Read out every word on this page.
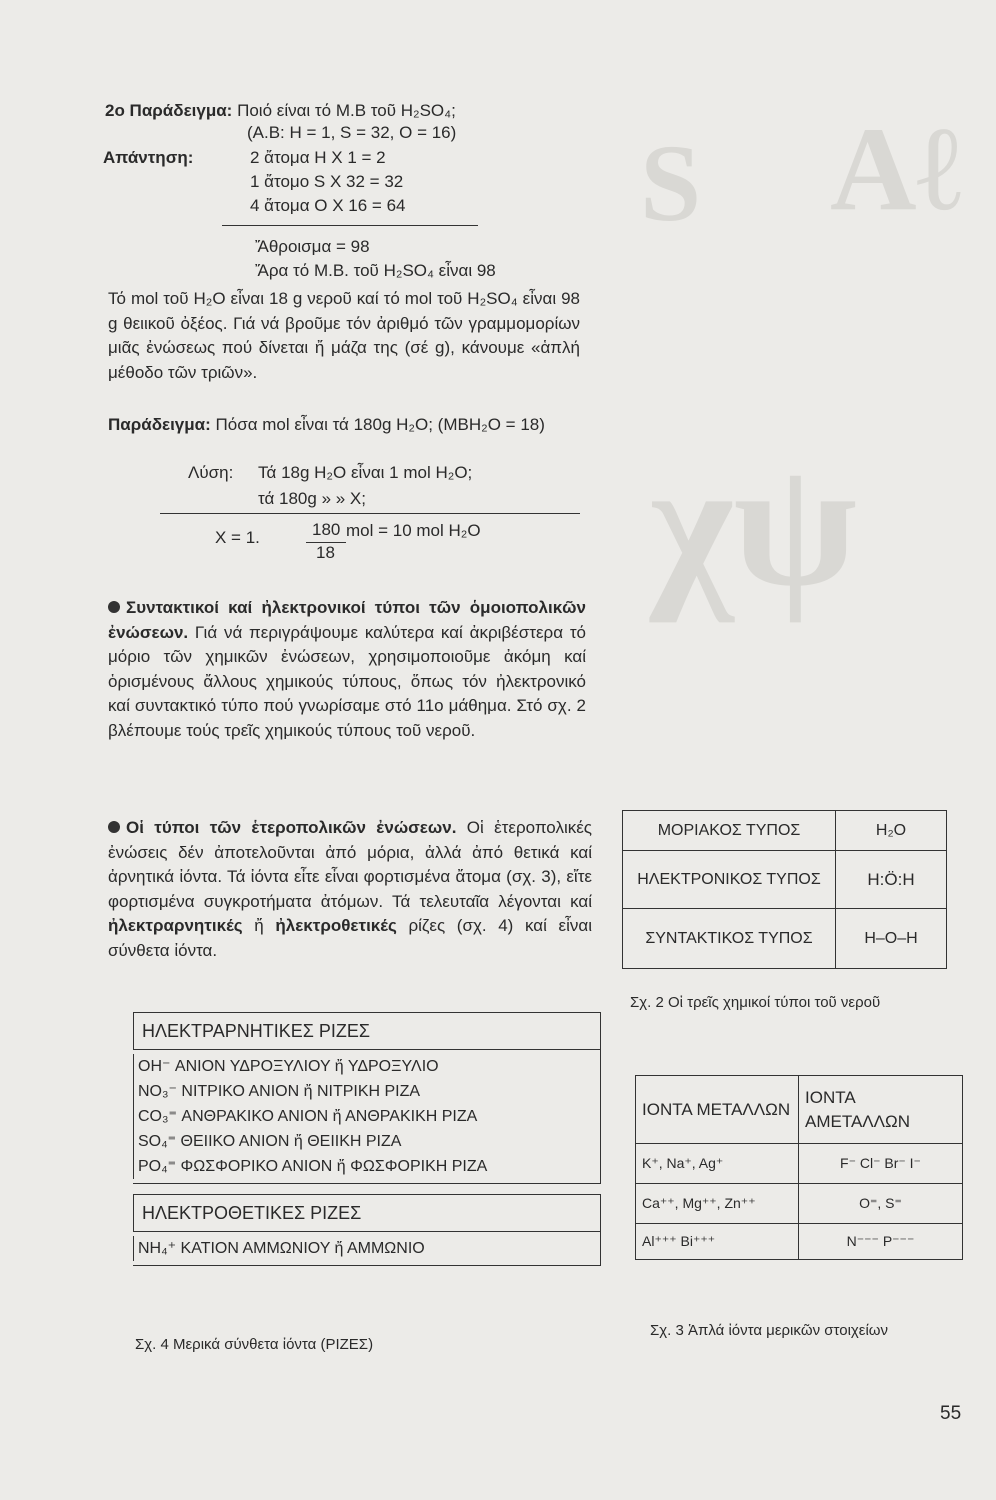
Aℓ
S
χψ
2ο Παράδειγμα: Ποιό είναι τό Μ.Β τοῦ H₂SO₄;
(Α.Β: H = 1, S = 32, O = 16)
Απάντηση:	2 ἄτομα H X 1 = 2
1 ἄτομο S X 32 = 32
4 ἄτομα O X 16 = 64
Ἄθροισμα = 98
Ἄρα τό Μ.Β. τοῦ H₂SO₄ εἶναι 98
Τό mol τοῦ H₂O εἶναι 18 g νεροῦ καί τό mol τοῦ H₂SO₄ εἶναι 98 g θειικοῦ ὀξέος. Γιά νά βροῦμε τόν ἀριθμό τῶν γραμμομορίων μιᾶς ἐνώσεως πού δίνεται ἤ μάζα της (σέ g), κάνουμε «ἁπλή μέθοδο τῶν τριῶν».
Παράδειγμα: Πόσα mol εἶναι τά 180g H₂O; (ΜΒH₂O = 18)
Λύση: Τά 18g H₂O εἶναι 1 mol H₂O;
τά 180g » » X;
X = 1.	180
18
mol = 10 mol H₂O
Συντακτικοί καί ἠλεκτρονικοί τύποι τῶν ὁμοιοπολικῶν ἐνώσεων. Γιά νά περιγράψουμε καλύτερα καί ἀκριβέστερα τό μόριο τῶν χημικῶν ἐνώσεων, χρησιμοποιοῦμε ἀκόμη καί ὁρισμένους ἄλλους χημικούς τύπους, ὅπως τόν ἠλεκτρονικό καί συντακτικό τύπο πού γνωρίσαμε στό 11ο μάθημα. Στό σχ. 2 βλέπουμε τούς τρεῖς χημικούς τύπους τοῦ νεροῦ.
Οἱ τύποι τῶν ἑτεροπολικῶν ἐνώσεων. Οἱ ἑτεροπολικές ἐνώσεις δέν ἀποτελοῦνται ἀπό μόρια, ἀλλά ἀπό θετικά καί ἀρνητικά ἰόντα. Τά ἰόντα εἶτε εἶναι φορτισμένα ἄτομα (σχ. 3), εἴτε φορτισμένα συγκροτήματα ἀτόμων. Τά τελευταῖα λέγονται καί ἠλεκτραρνητικές ἤ ἠλεκτροθετικές ρίζες (σχ. 4) καί εἶναι σύνθετα ἰόντα.
ΜΟΡΙΑΚΟΣ ΤΥΠΟΣ	H₂O
ΗΛΕΚΤΡΟΝΙΚΟΣ ΤΥΠΟΣ	H:Ö:H
ΣΥΝΤΑΚΤΙΚΟΣ ΤΥΠΟΣ	H–O–H
Σχ. 2 Οἱ τρεῖς χημικοί τύποι τοῦ νεροῦ
ΗΛΕΚΤΡΑΡΝΗΤΙΚΕΣ ΡΙΖΕΣ
OH⁻ ΑΝΙΟΝ ΥΔΡΟΞΥΛΙΟΥ ἤ ΥΔΡΟΞΥΛΙΟ
NO₃⁻ ΝΙΤΡΙΚΟ ΑΝΙΟΝ ἤ ΝΙΤΡΙΚΗ ΡΙΖΑ
CO₃⁼ ΑΝΘΡΑΚΙΚΟ ΑΝΙΟΝ ἤ ΑΝΘΡΑΚΙΚΗ ΡΙΖΑ
SO₄⁼ ΘΕΙΙΚΟ ΑΝΙΟΝ ἤ ΘΕΙΙΚΗ ΡΙΖΑ
PO₄⁼ ΦΩΣΦΟΡΙΚΟ ΑΝΙΟΝ ἤ ΦΩΣΦΟΡΙΚΗ ΡΙΖΑ
ΗΛΕΚΤΡΟΘΕΤΙΚΕΣ ΡΙΖΕΣ
NH₄⁺ ΚΑΤΙΟΝ ΑΜΜΩΝΙΟΥ ἤ ΑΜΜΩΝΙΟ
Σχ. 4 Μερικά σύνθετα ἰόντα (ΡΙΖΕΣ)
ΙΟΝΤΑ ΜΕΤΑΛΛΩΝ	ΙΟΝΤΑ ΑΜΕΤΑΛΛΩΝ
K⁺, Na⁺, Ag⁺	F⁻ Cl⁻ Br⁻ I⁻
Ca⁺⁺, Mg⁺⁺, Zn⁺⁺	O⁼, S⁼
Al⁺⁺⁺ Bi⁺⁺⁺	N⁻⁻⁻ P⁻⁻⁻
Σχ. 3 Ἁπλά ἰόντα μερικῶν στοιχείων
55
